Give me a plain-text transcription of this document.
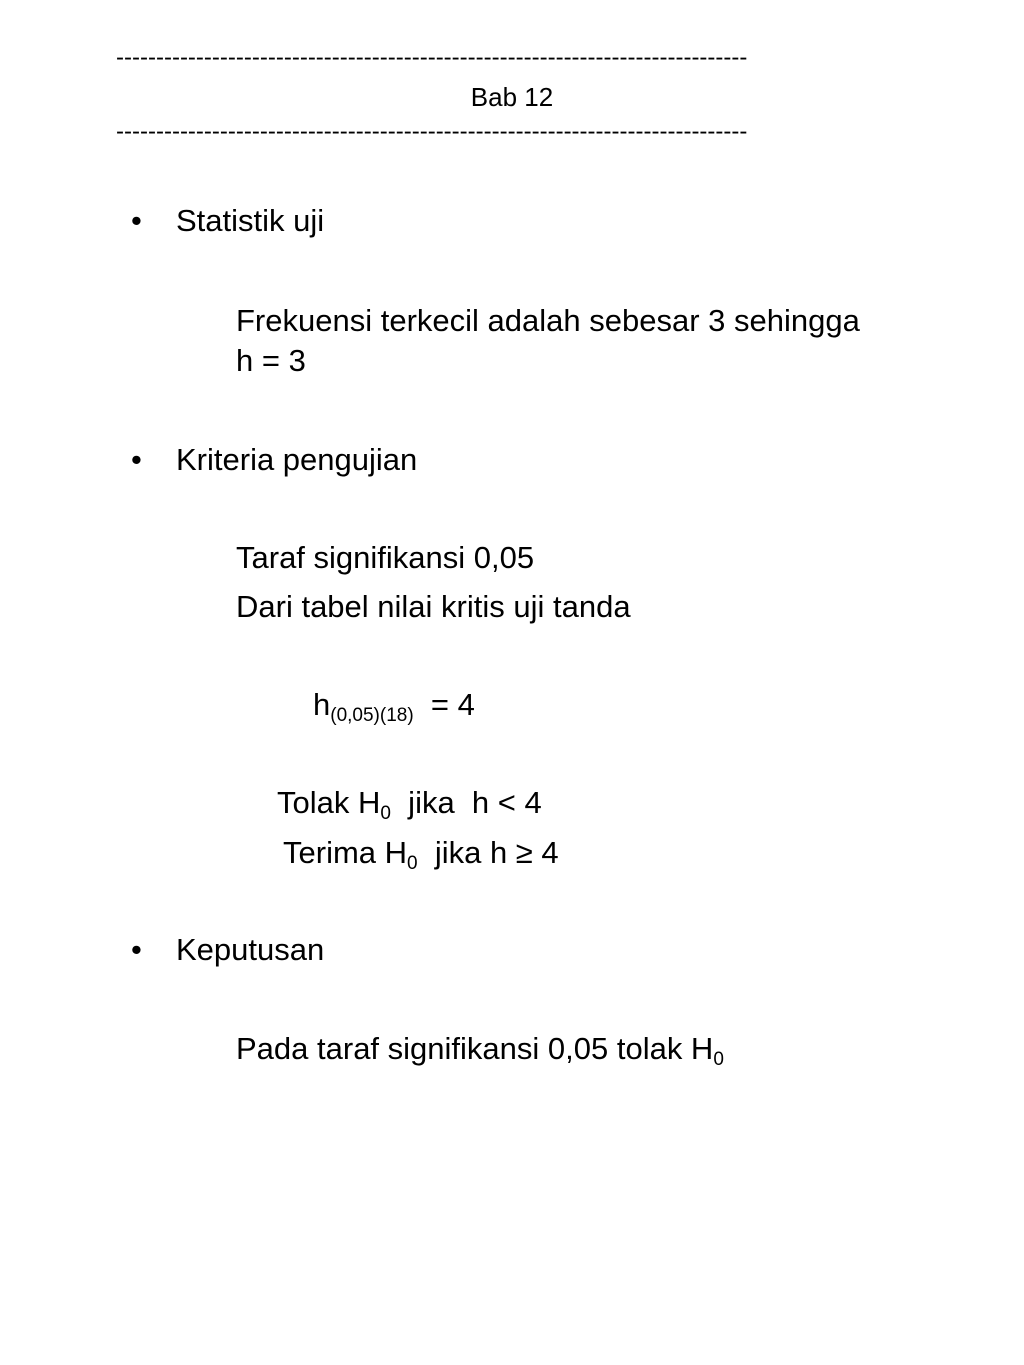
-------------------------------------------------------------------------------
Bab 12
-------------------------------------------------------------------------------
• Statistik uji
Frekuensi terkecil adalah sebesar 3 sehingga
h = 3
• Kriteria pengujian
Taraf signifikansi 0,05
Dari tabel nilai kritis uji tanda
$h_{(0,05)(18)} = 4$
Tolak $H_0$  jika  h < 4
Terima $H_0$  jika h ≥ 4
• Keputusan
Pada taraf signifikansi 0,05 tolak $H_0$
